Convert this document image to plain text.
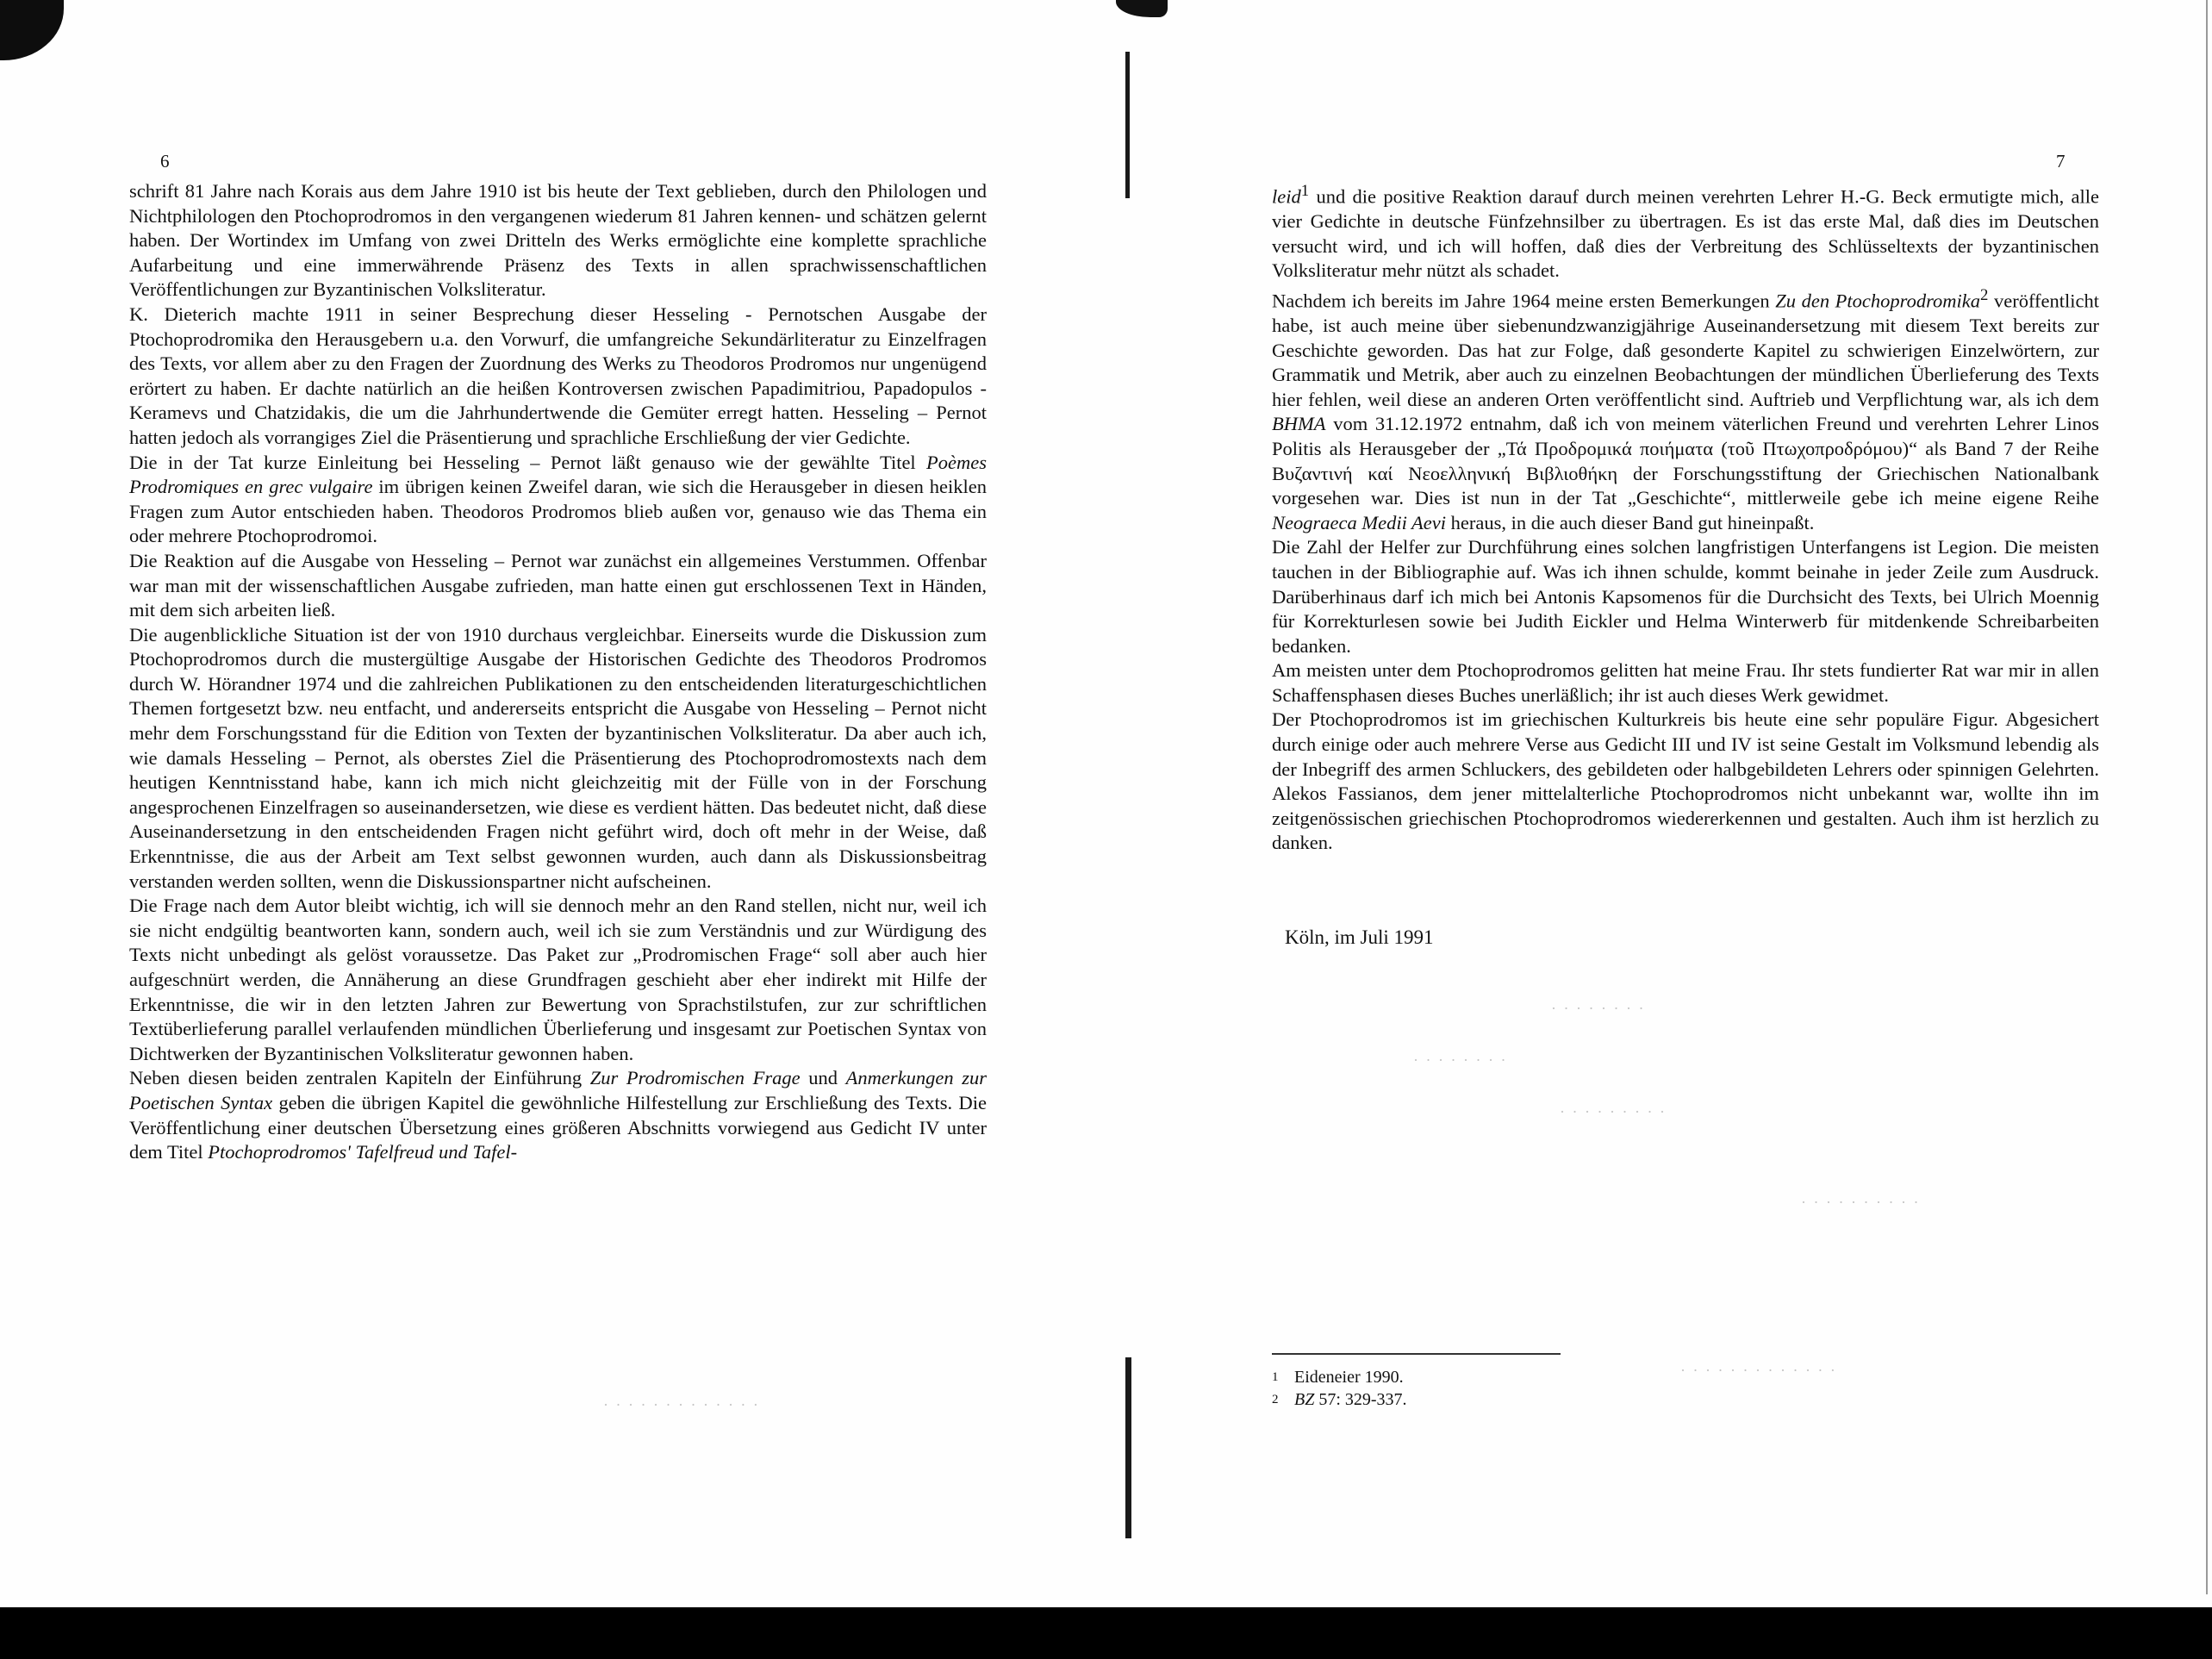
6

schrift 81 Jahre nach Korais aus dem Jahre 1910 ist bis heute der Text geblieben, durch den Philologen und Nichtphilologen den Ptochoprodromos in den vergangenen wiederum 81 Jahren kennen- und schätzen gelernt haben. Der Wortindex im Umfang von zwei Dritteln des Werks ermöglichte eine komplette sprachliche Aufarbeitung und eine immerwährende Präsenz des Texts in allen sprachwissenschaftlichen Veröffentlichungen zur Byzantinischen Volksliteratur.

K. Dieterich machte 1911 in seiner Besprechung dieser Hesseling - Pernotschen Ausgabe der Ptochoprodromika den Herausgebern u.a. den Vorwurf, die umfangreiche Sekundärliteratur zu Einzelfragen des Texts, vor allem aber zu den Fragen der Zuordnung des Werks zu Theodoros Prodromos nur ungenügend erörtert zu haben. Er dachte natürlich an die heißen Kontroversen zwischen Papadimitriou, Papadopulos - Keramevs und Chatzidakis, die um die Jahrhundertwende die Gemüter erregt hatten. Hesseling – Pernot hatten jedoch als vorrangiges Ziel die Präsentierung und sprachliche Erschließung der vier Gedichte.

Die in der Tat kurze Einleitung bei Hesseling – Pernot läßt genauso wie der gewählte Titel Poèmes Prodromiques en grec vulgaire im übrigen keinen Zweifel daran, wie sich die Herausgeber in diesen heiklen Fragen zum Autor entschieden haben. Theodoros Prodromos blieb außen vor, genauso wie das Thema ein oder mehrere Ptochoprodromoi.

Die Reaktion auf die Ausgabe von Hesseling – Pernot war zunächst ein allgemeines Verstummen. Offenbar war man mit der wissenschaftlichen Ausgabe zufrieden, man hatte einen gut erschlossenen Text in Händen, mit dem sich arbeiten ließ.

Die augenblickliche Situation ist der von 1910 durchaus vergleichbar. Einerseits wurde die Diskussion zum Ptochoprodromos durch die mustergültige Ausgabe der Historischen Gedichte des Theodoros Prodromos durch W. Hörandner 1974 und die zahlreichen Publikationen zu den entscheidenden literaturgeschichtlichen Themen fortgesetzt bzw. neu entfacht, und andererseits entspricht die Ausgabe von Hesseling – Pernot nicht mehr dem Forschungsstand für die Edition von Texten der byzantinischen Volksliteratur. Da aber auch ich, wie damals Hesseling – Pernot, als oberstes Ziel die Präsentierung des Ptochoprodromostexts nach dem heutigen Kenntnisstand habe, kann ich mich nicht gleichzeitig mit der Fülle von in der Forschung angesprochenen Einzelfragen so auseinandersetzen, wie diese es verdient hätten. Das bedeutet nicht, daß diese Auseinandersetzung in den entscheidenden Fragen nicht geführt wird, doch oft mehr in der Weise, daß Erkenntnisse, die aus der Arbeit am Text selbst gewonnen wurden, auch dann als Diskussionsbeitrag verstanden werden sollten, wenn die Diskussionspartner nicht aufscheinen.

Die Frage nach dem Autor bleibt wichtig, ich will sie dennoch mehr an den Rand stellen, nicht nur, weil ich sie nicht endgültig beantworten kann, sondern auch, weil ich sie zum Verständnis und zur Würdigung des Texts nicht unbedingt als gelöst voraussetze. Das Paket zur „Prodromischen Frage“ soll aber auch hier aufgeschnürt werden, die Annäherung an diese Grundfragen geschieht aber eher indirekt mit Hilfe der Erkenntnisse, die wir in den letzten Jahren zur Bewertung von Sprachstilstufen, zur zur schriftlichen Textüberlieferung parallel verlaufenden mündlichen Überlieferung und insgesamt zur Poetischen Syntax von Dichtwerken der Byzantinischen Volksliteratur gewonnen haben.

Neben diesen beiden zentralen Kapiteln der Einführung Zur Prodromischen Frage und Anmerkungen zur Poetischen Syntax geben die übrigen Kapitel die gewöhnliche Hilfestellung zur Erschließung des Texts. Die Veröffentlichung einer deutschen Übersetzung eines größeren Abschnitts vorwiegend aus Gedicht IV unter dem Titel Ptochoprodromos' Tafelfreud und Tafel-

7

leid$^1$ und die positive Reaktion darauf durch meinen verehrten Lehrer H.-G. Beck ermutigte mich, alle vier Gedichte in deutsche Fünfzehnsilber zu übertragen. Es ist das erste Mal, daß dies im Deutschen versucht wird, und ich will hoffen, daß dies der Verbreitung des Schlüsseltexts der byzantinischen Volksliteratur mehr nützt als schadet.

Nachdem ich bereits im Jahre 1964 meine ersten Bemerkungen Zu den Ptochoprodromika$^2$ veröffentlicht habe, ist auch meine über siebenundzwanzigjährige Auseinandersetzung mit diesem Text bereits zur Geschichte geworden. Das hat zur Folge, daß gesonderte Kapitel zu schwierigen Einzelwörtern, zur Grammatik und Metrik, aber auch zu einzelnen Beobachtungen der mündlichen Überlieferung des Texts hier fehlen, weil diese an anderen Orten veröffentlicht sind. Auftrieb und Verpflichtung war, als ich dem BHMA vom 31.12.1972 entnahm, daß ich von meinem väterlichen Freund und verehrten Lehrer Linos Politis als Herausgeber der „Τά Προδρομικά ποιήματα (τοῦ Πτωχοπροδρόμου)“ als Band 7 der Reihe Βυζαντινή καί Νεοελληνική Βιβλιοθήκη der Forschungsstiftung der Griechischen Nationalbank vorgesehen war. Dies ist nun in der Tat „Geschichte“, mittlerweile gebe ich meine eigene Reihe Neograeca Medii Aevi heraus, in die auch dieser Band gut hineinpaßt.

Die Zahl der Helfer zur Durchführung eines solchen langfristigen Unterfangens ist Legion. Die meisten tauchen in der Bibliographie auf. Was ich ihnen schulde, kommt beinahe in jeder Zeile zum Ausdruck. Darüberhinaus darf ich mich bei Antonis Kapsomenos für die Durchsicht des Texts, bei Ulrich Moennig für Korrekturlesen sowie bei Judith Eickler und Helma Winterwerb für mitdenkende Schreibarbeiten bedanken.

Am meisten unter dem Ptochoprodromos gelitten hat meine Frau. Ihr stets fundierter Rat war mir in allen Schaffensphasen dieses Buches unerläßlich; ihr ist auch dieses Werk gewidmet.

Der Ptochoprodromos ist im griechischen Kulturkreis bis heute eine sehr populäre Figur. Abgesichert durch einige oder auch mehrere Verse aus Gedicht III und IV ist seine Gestalt im Volksmund lebendig als der Inbegriff des armen Schluckers, des gebildeten oder halbgebildeten Lehrers oder spinnigen Gelehrten. Alekos Fassianos, dem jener mittelalterliche Ptochoprodromos nicht unbekannt war, wollte ihn im zeitgenössischen griechischen Ptochoprodromos wiedererkennen und gestalten. Auch ihm ist herzlich zu danken.

Köln, im Juli 1991
· · · · · · · ·
· · · · · · · ·
· · · · · · · · ·
· · · · · · · · · ·
· · · · · · · · · · · · ·
· · · · · · · · · · · · ·
1 Eideneier 1990.
2 BZ 57: 329-337.
